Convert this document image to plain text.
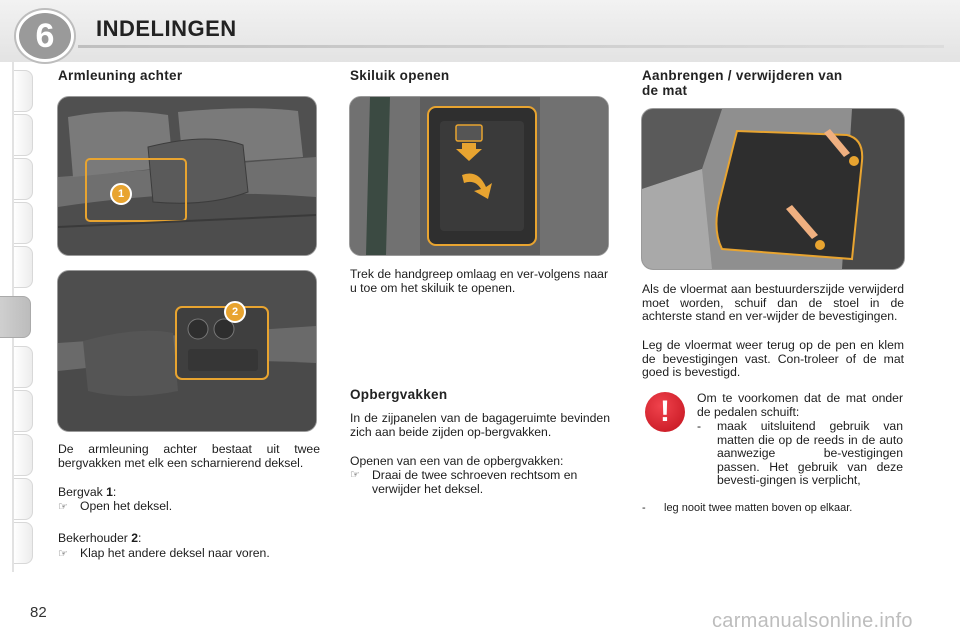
6	INDELINGEN
Armleuning achter
1
2

De armleuning achter bestaat uit twee bergvakken met elk een scharnierend deksel.

Bergvak 1:
☞ Open het deksel.
Bekerhouder 2:
☞ Klap het andere deksel naar voren.
Skiluik openen

Trek de handgreep omlaag en ver-volgens naar u toe om het skiluik te openen.

Opbergvakken

In de zijpanelen van de bagageruimte bevinden zich aan beide zijden op-bergvakken.

Openen van een van de opbergvakken:

☞ Draai de twee schroeven rechtsom en verwijder het deksel.
Aanbrengen / verwijderen van
de mat

Als de vloermat aan bestuurderszijde verwijderd moet worden, schuif dan de stoel in de achterste stand en ver-wijder de bevestigingen.

Leg de vloermat weer terug op de pen en klem de bevestigingen vast. Con-troleer of de mat goed is bevestigd.

!	Om te voorkomen dat de mat onder de pedalen schuift:

-	maak uitsluitend gebruik van matten die op de reeds in de auto aanwezige be-vestigingen passen. Het gebruik van deze bevesti-gingen is verplicht,
-	leg nooit twee matten boven op elkaar.
82	carmanualsonline.info
